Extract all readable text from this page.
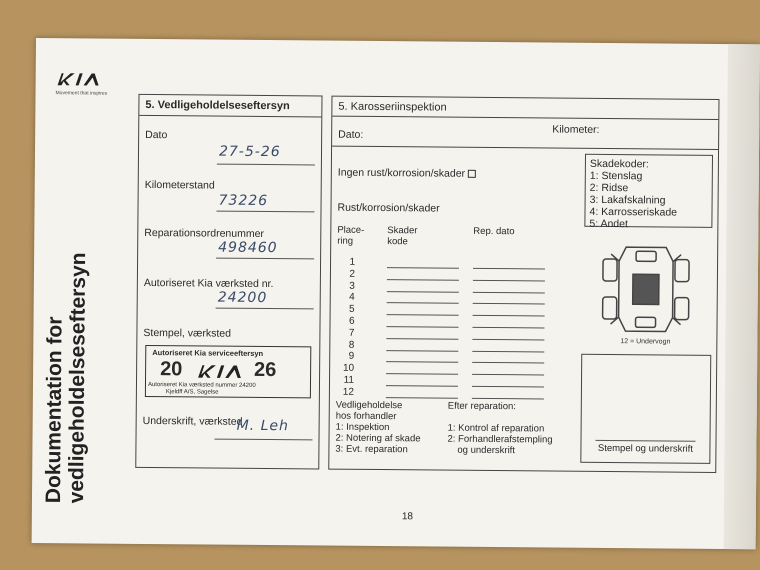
Movement that inspires
Dokumentation for
vedligeholdelseseftersyn
5. Vedligeholdelseseftersyn
Dato
27-5-26
Kilometerstand
73226
Reparationsordrenummer
498460
Autoriseret Kia værksted nr.
24200
Stempel, værksted
Autoriseret Kia serviceeftersyn
20	26
Autoriseret Kia værksted nummer 24200
Kjeldff A/S, Sagelse
Underskrift, værksted
M. Leh
5. Karosseriinspektion
Dato:	Kilometer:
Skadekoder:
1: Stenslag
2: Ridse
3: Lakafskalning
4: Karrosseriskade
5: Andet
Ingen rust/korrosion/skader
Rust/korrosion/skader
Place-
ring
Skader
kode
Rep. dato
1
2
3
4
5
6
7
8
9
10
11
12
12 = Undervogn
Stempel og underskrift
Vedligeholdelse
hos forhandler
1: Inspektion
2: Notering af skade
3: Evt. reparation
Efter reparation:
1: Kontrol af reparation
2: Forhandlerafstempling
og underskrift
18
